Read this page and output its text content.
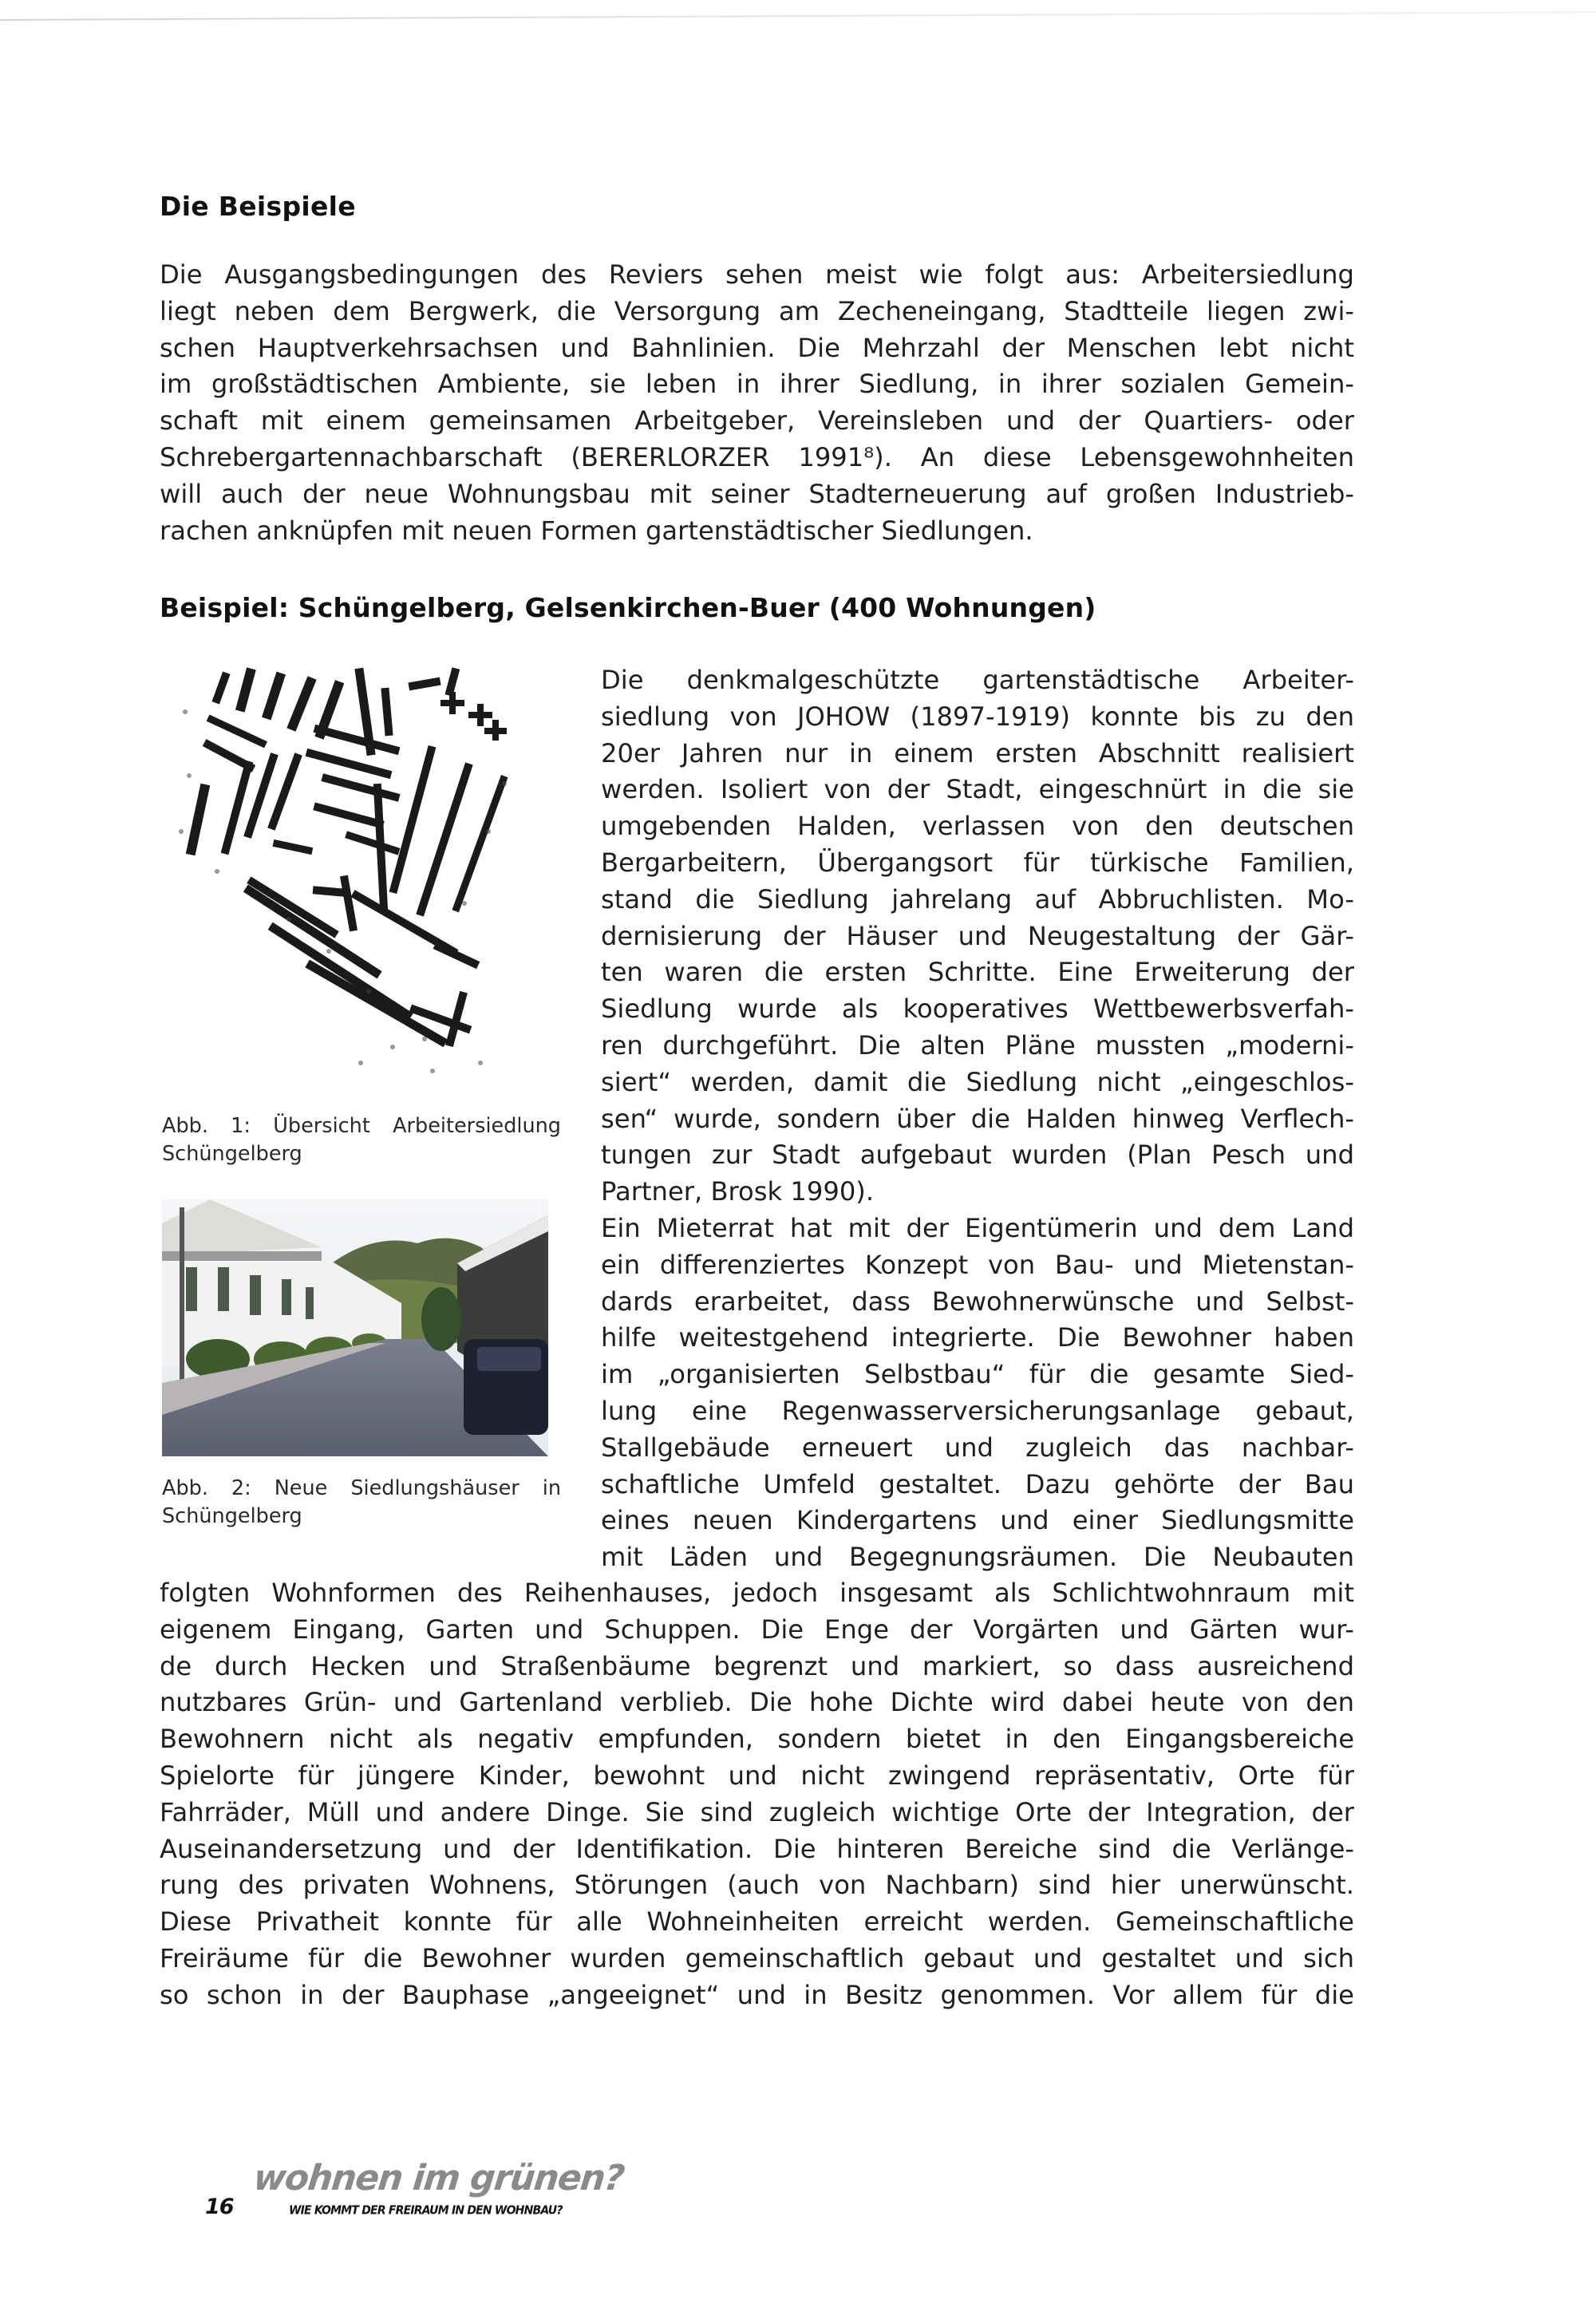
Die Beispiele
Die Ausgangsbedingungen des Reviers sehen meist wie folgt aus: Arbeitersiedlung
liegt neben dem Bergwerk, die Versorgung am Zecheneingang, Stadtteile liegen zwi-
schen Hauptverkehrsachsen und Bahnlinien. Die Mehrzahl der Menschen lebt nicht
im großstädtischen Ambiente, sie leben in ihrer Siedlung, in ihrer sozialen Gemein-
schaft mit einem gemeinsamen Arbeitgeber, Vereinsleben und der Quartiers- oder
Schrebergartennachbarschaft (BERERLORZER 1991⁸). An diese Lebensgewohnheiten
will auch der neue Wohnungsbau mit seiner Stadterneuerung auf großen Industrieb-
rachen anknüpfen mit neuen Formen gartenstädtischer Siedlungen.
Beispiel: Schüngelberg, Gelsenkirchen-Buer (400 Wohnungen)
Abb. 1: Übersicht Arbeitersiedlung
Schüngelberg
Abb. 2: Neue Siedlungshäuser in
Schüngelberg
Die denkmalgeschützte gartenstädtische Arbeiter-
siedlung von JOHOW (1897-1919) konnte bis zu den
20er Jahren nur in einem ersten Abschnitt realisiert
werden. Isoliert von der Stadt, eingeschnürt in die sie
umgebenden Halden, verlassen von den deutschen
Bergarbeitern, Übergangsort für türkische Familien,
stand die Siedlung jahrelang auf Abbruchlisten. Mo-
dernisierung der Häuser und Neugestaltung der Gär-
ten waren die ersten Schritte. Eine Erweiterung der
Siedlung wurde als kooperatives Wettbewerbsverfah-
ren durchgeführt. Die alten Pläne mussten „moderni-
siert“ werden, damit die Siedlung nicht „eingeschlos-
sen“ wurde, sondern über die Halden hinweg Verflech-
tungen zur Stadt aufgebaut wurden (Plan Pesch und
Partner, Brosk 1990).
Ein Mieterrat hat mit der Eigentümerin und dem Land
ein differenziertes Konzept von Bau- und Mietenstan-
dards erarbeitet, dass Bewohnerwünsche und Selbst-
hilfe weitestgehend integrierte. Die Bewohner haben
im „organisierten Selbstbau“ für die gesamte Sied-
lung eine Regenwasserversicherungsanlage gebaut,
Stallgebäude erneuert und zugleich das nachbar-
schaftliche Umfeld gestaltet. Dazu gehörte der Bau
eines neuen Kindergartens und einer Siedlungsmitte
mit Läden und Begegnungsräumen. Die Neubauten
folgten Wohnformen des Reihenhauses, jedoch insgesamt als Schlichtwohnraum mit
eigenem Eingang, Garten und Schuppen. Die Enge der Vorgärten und Gärten wur-
de durch Hecken und Straßenbäume begrenzt und markiert, so dass ausreichend
nutzbares Grün- und Gartenland verblieb. Die hohe Dichte wird dabei heute von den
Bewohnern nicht als negativ empfunden, sondern bietet in den Eingangsbereiche
Spielorte für jüngere Kinder, bewohnt und nicht zwingend repräsentativ, Orte für
Fahrräder, Müll und andere Dinge. Sie sind zugleich wichtige Orte der Integration, der
Auseinandersetzung und der Identifikation. Die hinteren Bereiche sind die Verlänge-
rung des privaten Wohnens, Störungen (auch von Nachbarn) sind hier unerwünscht.
Diese Privatheit konnte für alle Wohneinheiten erreicht werden. Gemeinschaftliche
Freiräume für die Bewohner wurden gemeinschaftlich gebaut und gestaltet und sich
so schon in der Bauphase „angeeignet“ und in Besitz genommen. Vor allem für die
16
wohnen im grünen?
WIE KOMMT DER FREIRAUM IN DEN WOHNBAU?
